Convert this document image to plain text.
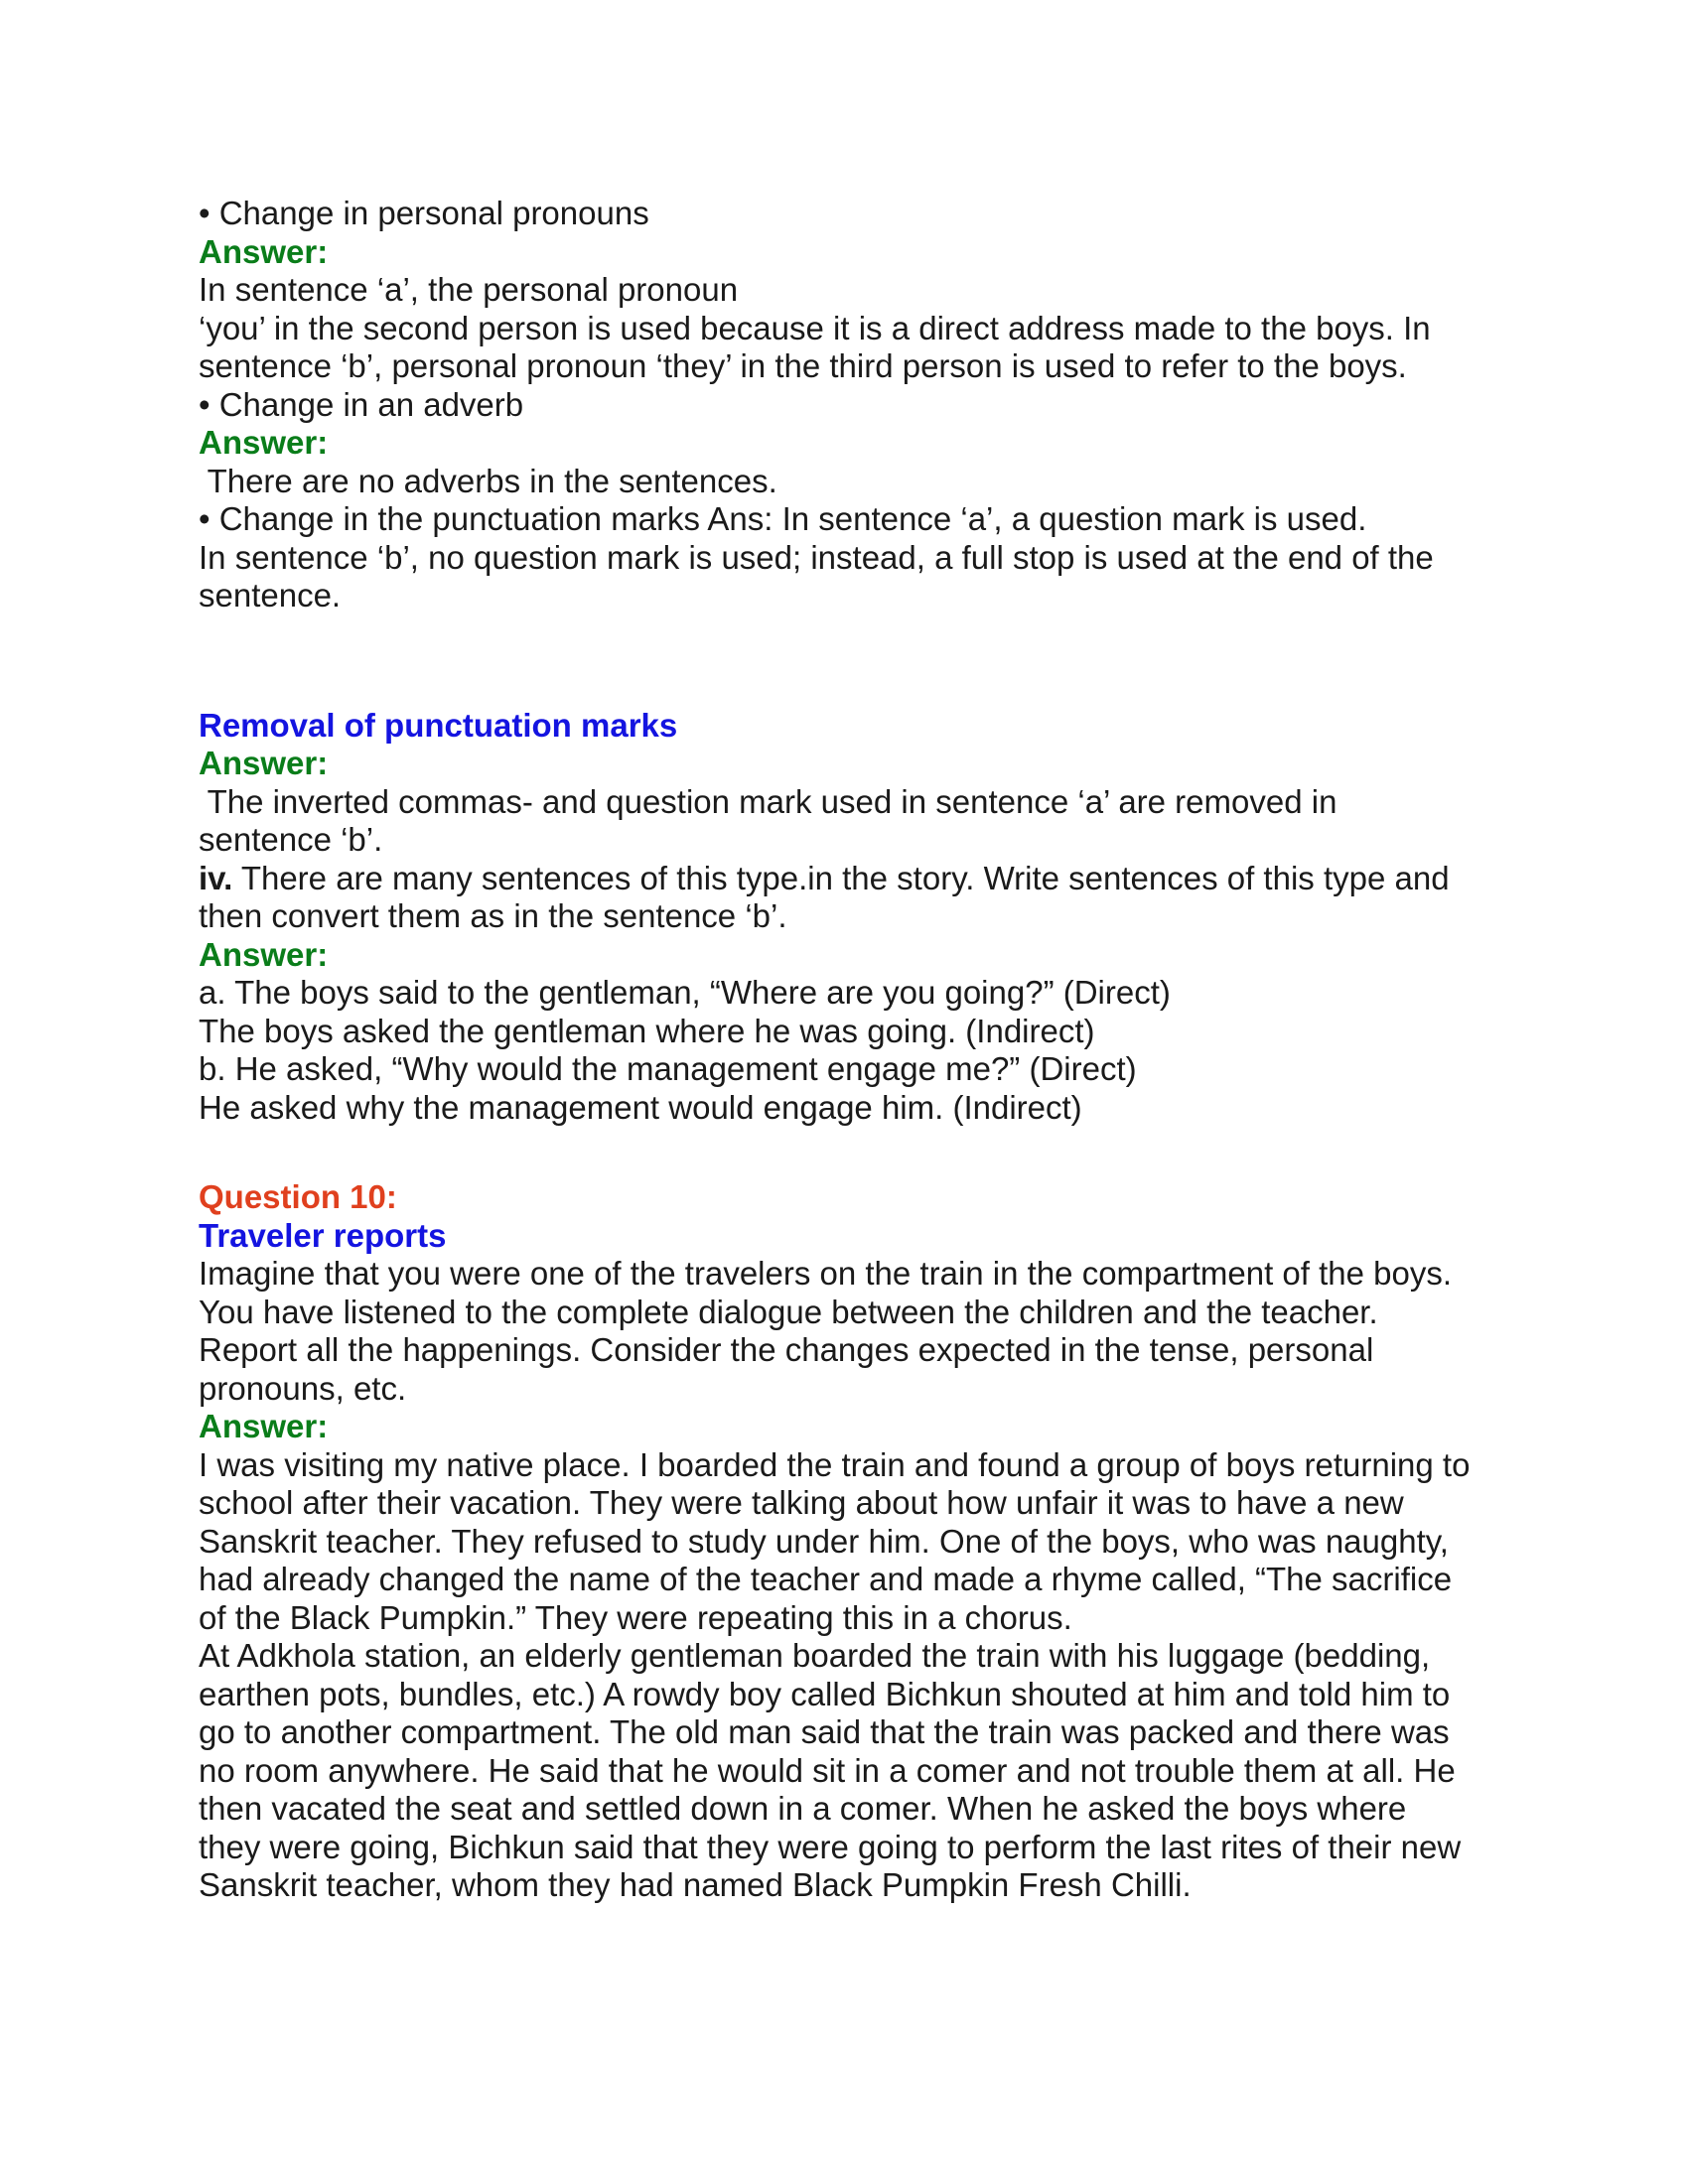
• Change in personal pronouns

Answer:

In sentence ‘a’, the personal pronoun

‘you’ in the second person is used because it is a direct address made to the boys. In

sentence ‘b’, personal pronoun ‘they’ in the third person is used to refer to the boys.

• Change in an adverb

Answer:

There are no adverbs in the sentences.

• Change in the punctuation marks Ans: In sentence ‘a’, a question mark is used.

In sentence ‘b’, no question mark is used; instead, a full stop is used at the end of the

sentence.

Removal of punctuation marks

Answer:

The inverted commas- and question mark used in sentence ‘a’ are removed in

sentence ‘b’.

iv. There are many sentences of this type.in the story. Write sentences of this type and

then convert them as in the sentence ‘b’.

Answer:

a. The boys said to the gentleman, “Where are you going?” (Direct)

The boys asked the gentleman where he was going. (Indirect)

b. He asked, “Why would the management engage me?” (Direct)

He asked why the management would engage him. (Indirect)

Question 10:

Traveler reports

Imagine that you were one of the travelers on the train in the compartment of the boys.

You have listened to the complete dialogue between the children and the teacher.

Report all the happenings. Consider the changes expected in the tense, personal

pronouns, etc.

Answer:

I was visiting my native place. I boarded the train and found a group of boys returning to

school after their vacation. They were talking about how unfair it was to have a new

Sanskrit teacher. They refused to study under him. One of the boys, who was naughty,

had already changed the name of the teacher and made a rhyme called, “The sacrifice

of the Black Pumpkin.” They were repeating this in a chorus.

At Adkhola station, an elderly gentleman boarded the train with his luggage (bedding,

earthen pots, bundles, etc.) A rowdy boy called Bichkun shouted at him and told him to

go to another compartment. The old man said that the train was packed and there was

no room anywhere. He said that he would sit in a comer and not trouble them at all. He

then vacated the seat and settled down in a comer. When he asked the boys where

they were going, Bichkun said that they were going to perform the last rites of their new

Sanskrit teacher, whom they had named Black Pumpkin Fresh Chilli.
